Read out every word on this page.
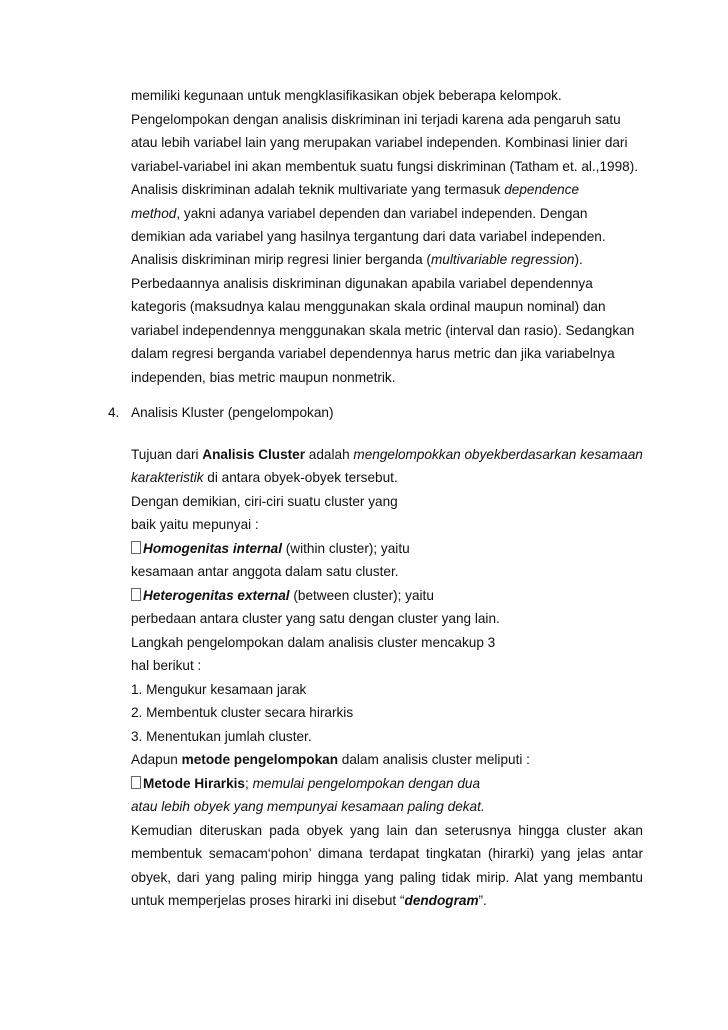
memiliki kegunaan untuk mengklasifikasikan objek beberapa kelompok.
Pengelompokan dengan analisis diskriminan ini terjadi karena ada pengaruh satu
atau lebih variabel lain yang merupakan variabel independen. Kombinasi linier dari
variabel-variabel ini akan membentuk suatu fungsi diskriminan (Tatham et. al.,1998).
Analisis diskriminan adalah teknik multivariate yang termasuk dependence
method, yakni adanya variabel dependen dan variabel independen. Dengan
demikian ada variabel yang hasilnya tergantung dari data variabel independen.
Analisis diskriminan mirip regresi linier berganda (multivariable regression).
Perbedaannya analisis diskriminan digunakan apabila variabel dependennya
kategoris (maksudnya kalau menggunakan skala ordinal maupun nominal) dan
variabel independennya menggunakan skala metric (interval dan rasio). Sedangkan
dalam regresi berganda variabel dependennya harus metric dan jika variabelnya
independen, bias metric maupun nonmetrik.
4. Analisis Kluster (pengelompokan)
Tujuan dari Analisis Cluster adalah mengelompokkan obyekberdasarkan kesamaan
karakteristik di antara obyek-obyek tersebut.
Dengan demikian, ciri-ciri suatu cluster yang
baik yaitu mepunyai :
Homogenitas internal (within cluster); yaitu
kesamaan antar anggota dalam satu cluster.
Heterogenitas external (between cluster); yaitu
perbedaan antara cluster yang satu dengan cluster yang lain.
Langkah pengelompokan dalam analisis cluster mencakup 3
hal berikut :
1. Mengukur kesamaan jarak
2. Membentuk cluster secara hirarkis
3. Menentukan jumlah cluster.
Adapun metode pengelompokan dalam analisis cluster meliputi :
Metode Hirarkis; memulai pengelompokan dengan dua
atau lebih obyek yang mempunyai kesamaan paling dekat.
Kemudian diteruskan pada obyek yang lain dan seterusnya hingga cluster akan
membentuk semacam‘pohon’ dimana terdapat tingkatan (hirarki) yang jelas antar
obyek, dari yang paling mirip hingga yang paling tidak mirip. Alat yang membantu
untuk memperjelas proses hirarki ini disebut “dendogram”.
